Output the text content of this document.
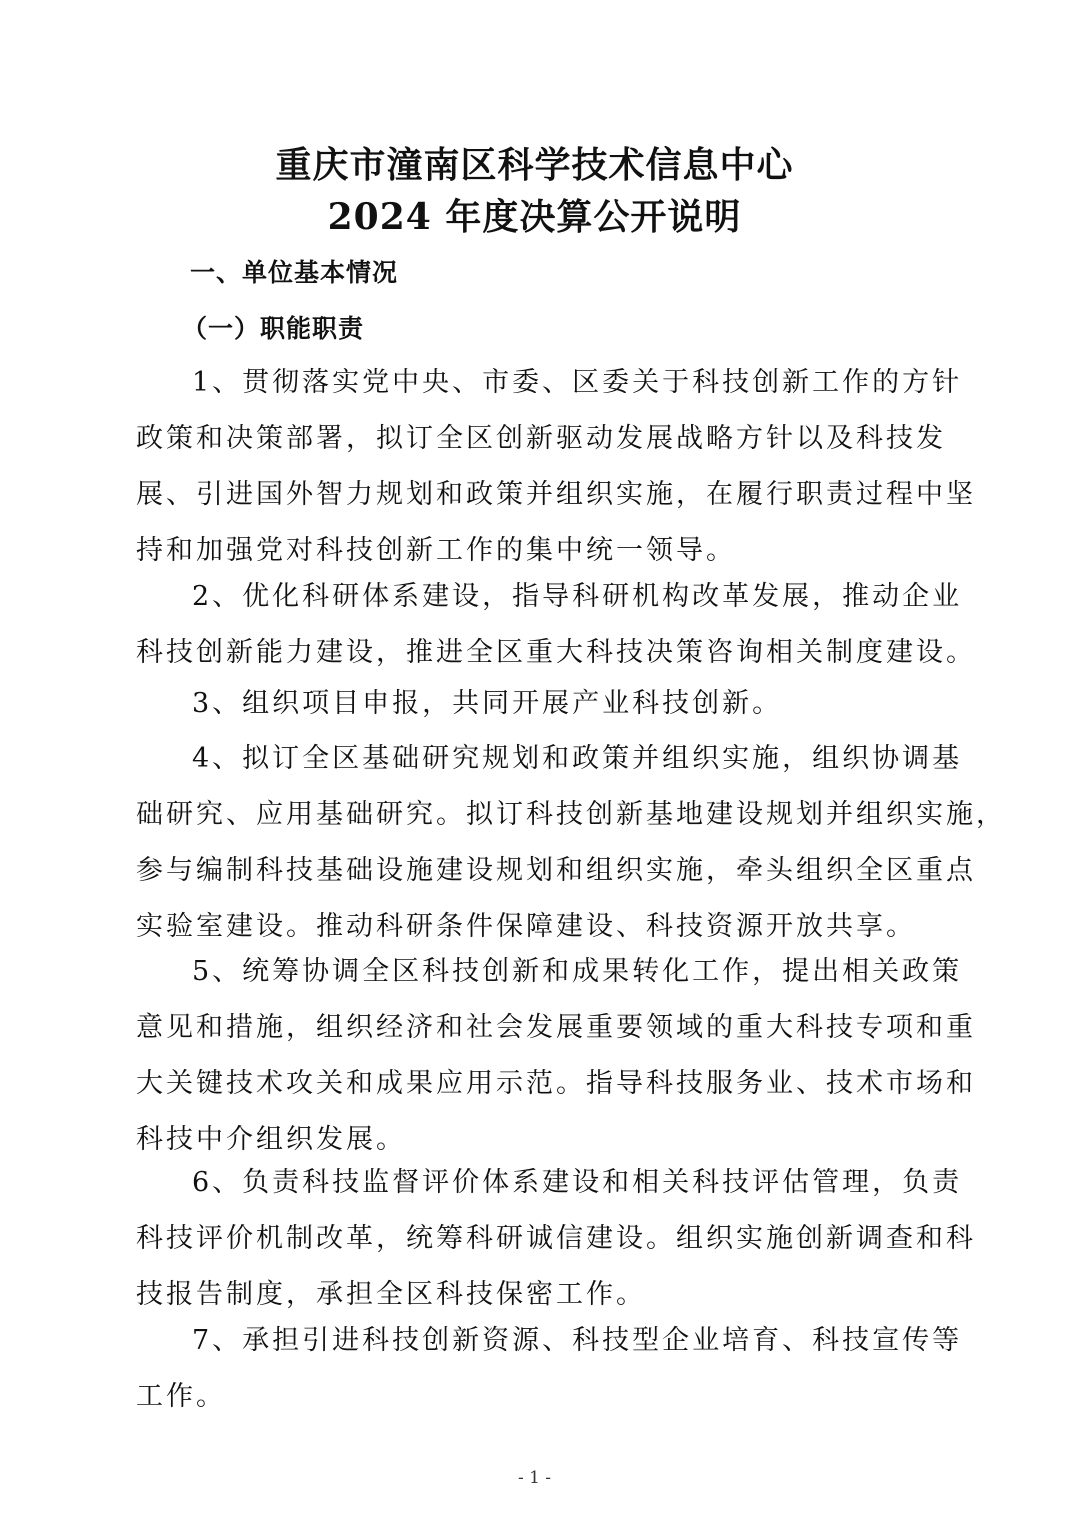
重庆市潼南区科学技术信息中心
2024 年度决算公开说明
一、单位基本情况
（一）职能职责
1、贯彻落实党中央、市委、区委关于科技创新工作的方针
政策和决策部署，拟订全区创新驱动发展战略方针以及科技发
展、引进国外智力规划和政策并组织实施，在履行职责过程中坚
持和加强党对科技创新工作的集中统一领导。
2、优化科研体系建设，指导科研机构改革发展，推动企业
科技创新能力建设，推进全区重大科技决策咨询相关制度建设。
3、组织项目申报，共同开展产业科技创新。
4、拟订全区基础研究规划和政策并组织实施，组织协调基
础研究、应用基础研究。拟订科技创新基地建设规划并组织实施，
参与编制科技基础设施建设规划和组织实施，牵头组织全区重点
实验室建设。推动科研条件保障建设、科技资源开放共享。
5、统筹协调全区科技创新和成果转化工作，提出相关政策
意见和措施，组织经济和社会发展重要领域的重大科技专项和重
大关键技术攻关和成果应用示范。指导科技服务业、技术市场和
科技中介组织发展。
6、负责科技监督评价体系建设和相关科技评估管理，负责
科技评价机制改革，统筹科研诚信建设。组织实施创新调查和科
技报告制度，承担全区科技保密工作。
7、承担引进科技创新资源、科技型企业培育、科技宣传等
工作。
- 1 -
